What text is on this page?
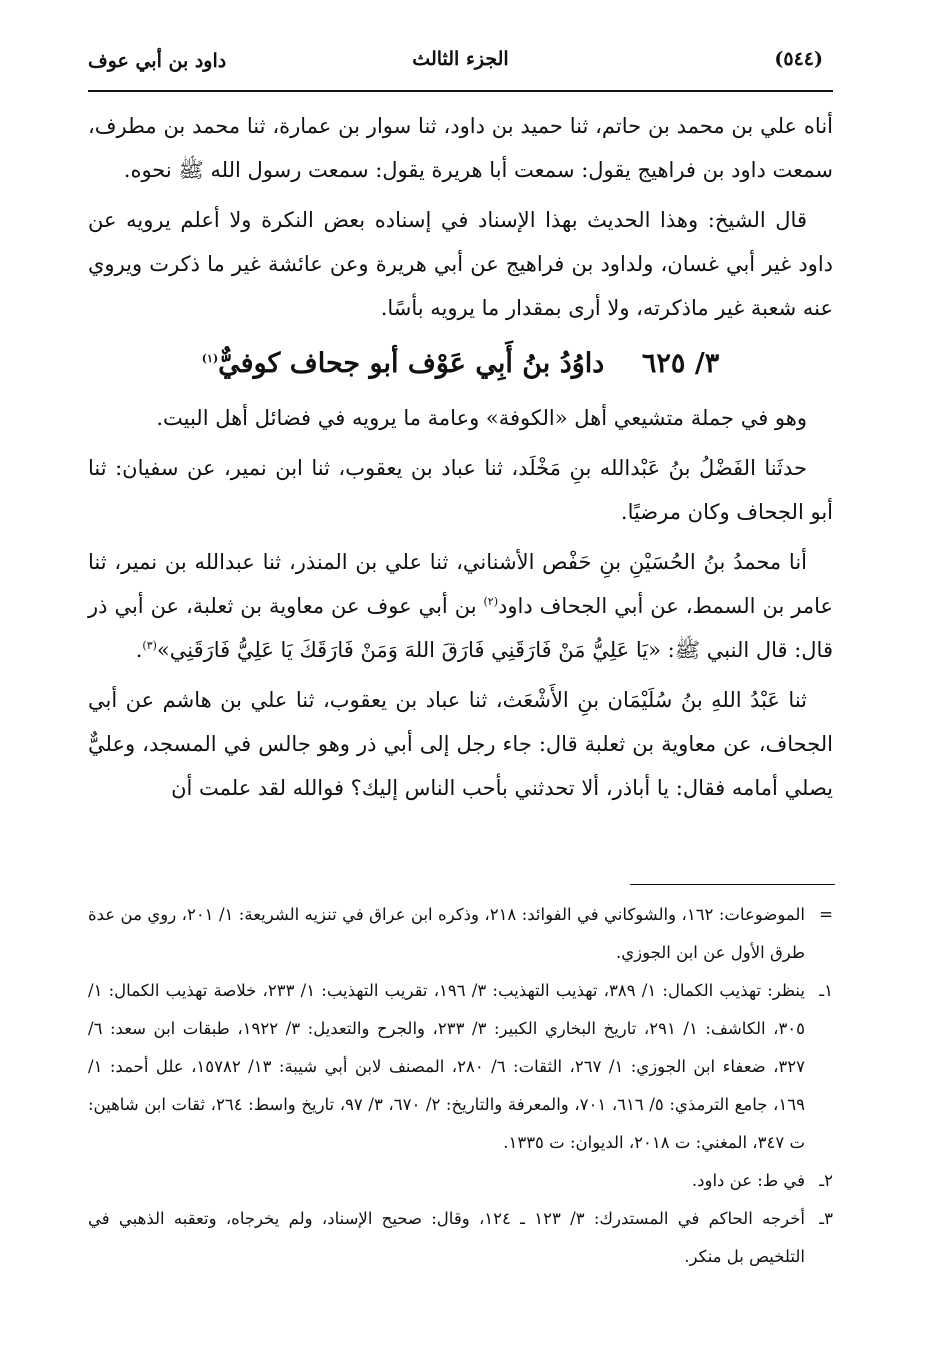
داود بن أبي عوف	الجزء الثالث	(٥٤٤)

أناه علي بن محمد بن حاتم، ثنا حميد بن داود، ثنا سوار بن عمارة، ثنا محمد بن مطرف، سمعت داود بن فراهيج يقول: سمعت أبا هريرة يقول: سمعت رسول الله ﷺ نحوه.

قال الشيخ: وهذا الحديث بهذا الإسناد في إسناده بعض النكرة ولا أعلم يرويه عن داود غير أبي غسان، ولداود بن فراهيج عن أبي هريرة وعن عائشة غير ما ذكرت ويروي عنه شعبة غير ماذكرته، ولا أرى بمقدار ما يرويه بأسًا.

٣/ ٦٢٥    داوُدُ بنُ أَبِي عَوْف أبو جحاف كوفيٌّ$^{(١)}$

وهو في جملة متشيعي أهل «الكوفة» وعامة ما يرويه في فضائل أهل البيت.

حدثَنا الفَضْلُ بنُ عَبْدالله بنِ مَخْلَد، ثنا عباد بن يعقوب، ثنا ابن نمير، عن سفيان: ثنا أبو الجحاف وكان مرضيًا.

أنا محمدُ بنُ الحُسَيْنِ بنِ حَفْص الأشناني، ثنا علي بن المنذر، ثنا عبدالله بن نمير، ثنا عامر بن السمط، عن أبي الجحاف داود$^{(٢)}$ بن أبي عوف عن معاوية بن ثعلبة، عن أبي ذر قال: قال النبي ﷺ: «يَا عَلِيُّ مَنْ فَارَقَنِي فَارَقَ اللهَ وَمَنْ فَارَقَكَ يَا عَلِيُّ فَارَقَنِي»$^{(٣)}$.

ثنا عَبْدُ اللهِ بنُ سُلَيْمَان بنِ الأَشْعَث، ثنا عباد بن يعقوب، ثنا علي بن هاشم عن أبي الجحاف، عن معاوية بن ثعلبة قال: جاء رجل إلى أبي ذر وهو جالس في المسجد، وعليٌّ يصلي أمامه فقال: يا أباذر، ألا تحدثني بأحب الناس إليك؟ فوالله لقد علمت أن

=
الموضوعات: ١٦٢، والشوكاني في الفوائد: ٢١٨، وذكره ابن عراق في تنزيه الشريعة: ١/ ٢٠١، روي من عدة طرق الأول عن ابن الجوزي.
١ـ
ينظر: تهذيب الكمال: ١/ ٣٨٩، تهذيب التهذيب: ٣/ ١٩٦، تقريب التهذيب: ١/ ٢٣٣، خلاصة تهذيب الكمال: ١/ ٣٠٥، الكاشف: ١/ ٢٩١، تاريخ البخاري الكبير: ٣/ ٢٣٣، والجرح والتعديل: ٣/ ١٩٢٢، طبقات ابن سعد: ٦/ ٣٢٧، ضعفاء ابن الجوزي: ١/ ٢٦٧، الثقات: ٦/ ٢٨٠، المصنف لابن أبي شيبة: ١٣/ ١٥٧٨٢، علل أحمد: ١/ ١٦٩، جامع الترمذي: ٥/ ٦١٦، ٧٠١، والمعرفة والتاريخ: ٢/ ٦٧٠، ٣/ ٩٧، تاريخ واسط: ٢٦٤، ثقات ابن شاهين: ت ٣٤٧، المغني: ت ٢٠١٨، الديوان: ت ١٣٣٥.
٢ـ
في ط: عن داود.
٣ـ
أخرجه الحاكم في المستدرك: ٣/ ١٢٣ ـ ١٢٤، وقال: صحيح الإسناد، ولم يخرجاه، وتعقبه الذهبي في التلخيص بل منكر.
